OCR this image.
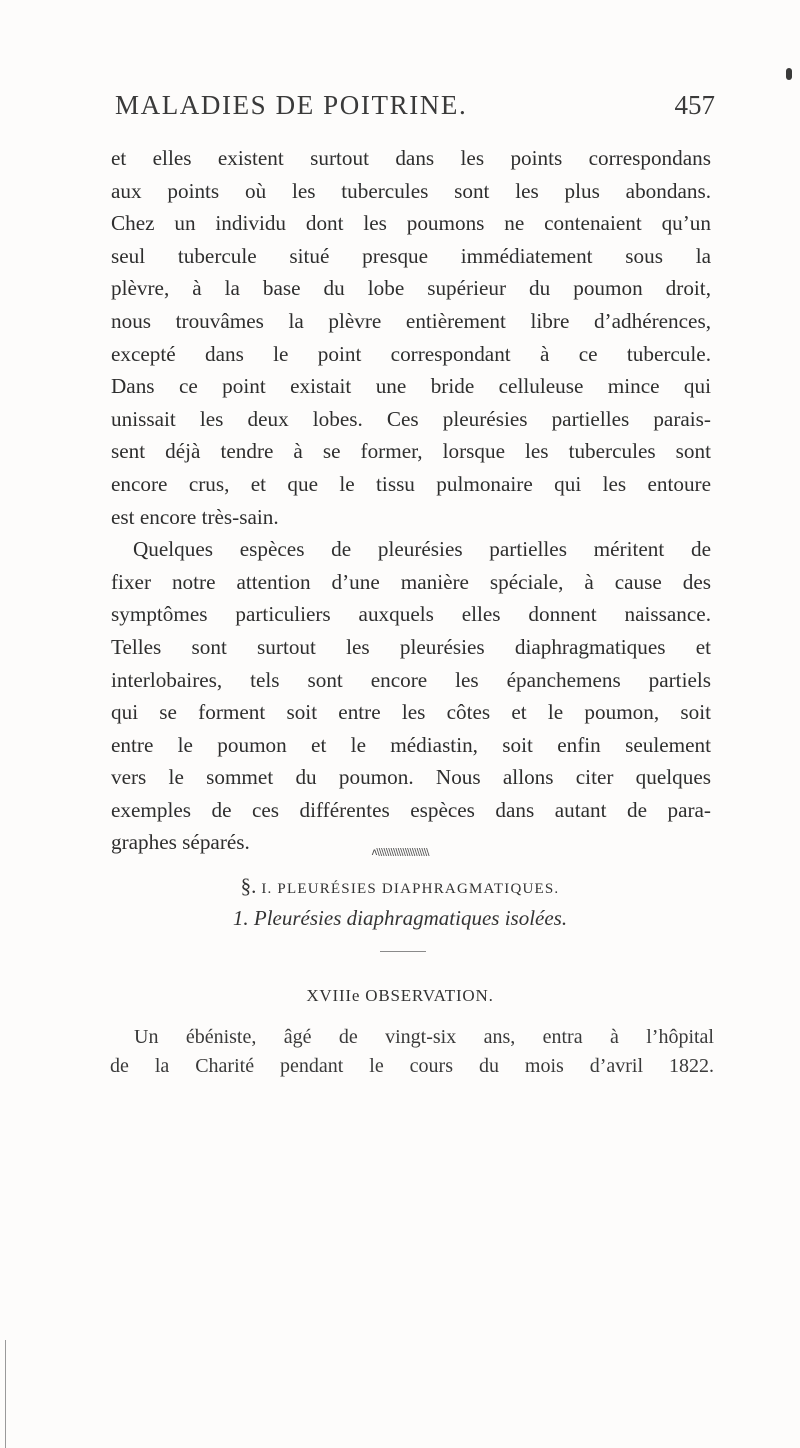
MALADIES DE POITRINE.	457
et elles existent surtout dans les points correspondans
aux points où les tubercules sont les plus abondans.
Chez un individu dont les poumons ne contenaient qu’un
seul tubercule situé presque immédiatement sous la
plèvre, à la base du lobe supérieur du poumon droit,
nous trouvâmes la plèvre entièrement libre d’adhérences,
excepté dans le point correspondant à ce tubercule.
Dans ce point existait une bride celluleuse mince qui
unissait les deux lobes. Ces pleurésies partielles parais-
sent déjà tendre à se former, lorsque les tubercules sont
encore crus, et que le tissu pulmonaire qui les entoure
est encore très-sain.
Quelques espèces de pleurésies partielles méritent de
fixer notre attention d’une manière spéciale, à cause des
symptômes particuliers auxquels elles donnent naissance.
Telles sont surtout les pleurésies diaphragmatiques et
interlobaires, tels sont encore les épanchemens partiels
qui se forment soit entre les côtes et le poumon, soit
entre le poumon et le médiastin, soit enfin seulement
vers le sommet du poumon. Nous allons citer quelques
exemples de ces différentes espèces dans autant de para-
graphes séparés.	ʌ\\\\\\\\\\\\\\\\\\\\\\
§. I. PLEURÉSIES DIAPHRAGMATIQUES.
1. Pleurésies diaphragmatiques isolées.
XVIIIe OBSERVATION.
Un ébéniste, âgé de vingt-six ans, entra à l’hôpital
de la Charité pendant le cours du mois d’avril 1822.
